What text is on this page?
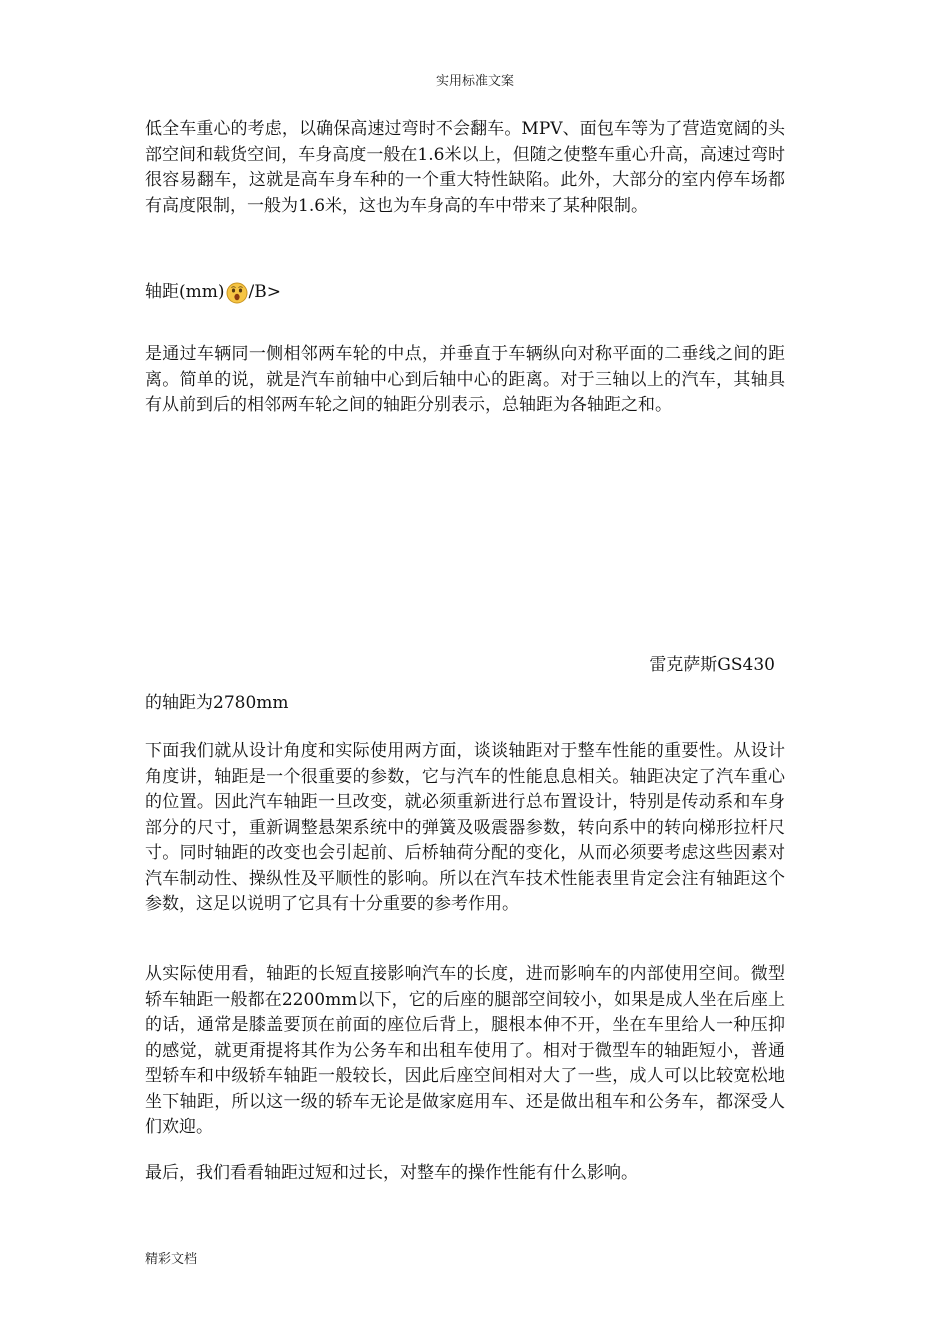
实用标准文案

低全车重心的考虑，以确保高速过弯时不会翻车。MPV、面包车等为了营造宽阔的头部空间和载货空间，车身高度一般在1.6米以上，但随之使整车重心升高，高速过弯时很容易翻车，这就是高车身车种的一个重大特性缺陷。此外，大部分的室内停车场都有高度限制，一般为1.6米，这也为车身高的车中带来了某种限制。

轴距(mm) /B>

是通过车辆同一侧相邻两车轮的中点，并垂直于车辆纵向对称平面的二垂线之间的距离。简单的说，就是汽车前轴中心到后轴中心的距离。对于三轴以上的汽车，其轴具有从前到后的相邻两车轮之间的轴距分别表示，总轴距为各轴距之和。

雷克萨斯GS430
的轴距为2780mm

下面我们就从设计角度和实际使用两方面，谈谈轴距对于整车性能的重要性。从设计角度讲，轴距是一个很重要的参数，它与汽车的性能息息相关。轴距决定了汽车重心的位置。因此汽车轴距一旦改变，就必须重新进行总布置设计，特别是传动系和车身部分的尺寸，重新调整悬架系统中的弹簧及吸震器参数，转向系中的转向梯形拉杆尺寸。同时轴距的改变也会引起前、后桥轴荷分配的变化，从而必须要考虑这些因素对汽车制动性、操纵性及平顺性的影响。所以在汽车技术性能表里肯定会注有轴距这个参数，这足以说明了它具有十分重要的参考作用。

从实际使用看，轴距的长短直接影响汽车的长度，进而影响车的内部使用空间。微型轿车轴距一般都在2200mm以下，它的后座的腿部空间较小，如果是成人坐在后座上的话，通常是膝盖要顶在前面的座位后背上，腿根本伸不开，坐在车里给人一种压抑的感觉，就更甭提将其作为公务车和出租车使用了。相对于微型车的轴距短小，普通型轿车和中级轿车轴距一般较长，因此后座空间相对大了一些，成人可以比较宽松地坐下轴距，所以这一级的轿车无论是做家庭用车、还是做出租车和公务车，都深受人们欢迎。

最后，我们看看轴距过短和过长，对整车的操作性能有什么影响。

精彩文档
